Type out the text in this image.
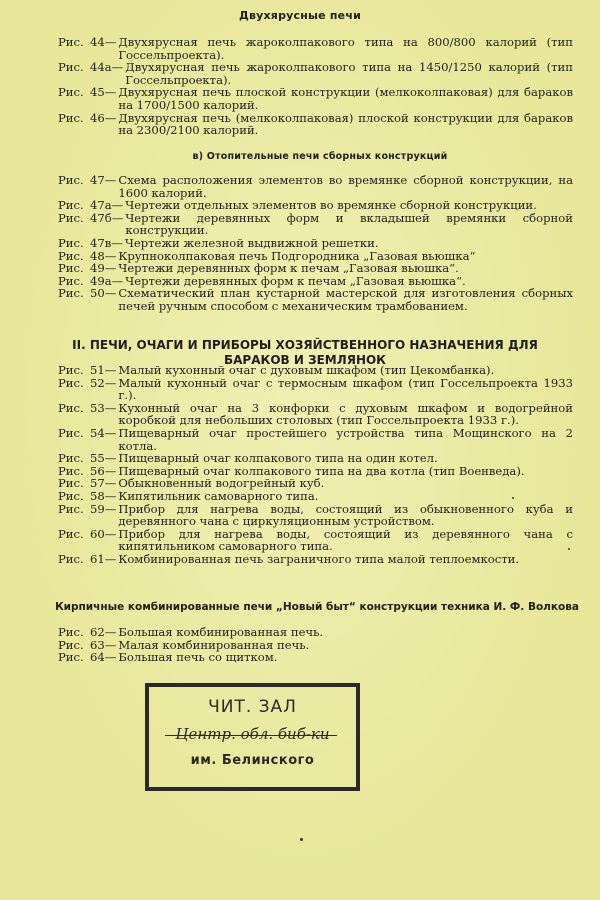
Двухярусные печи
Рис. 44— Двухярусная печь жароколпакового типа на 800/800 калорий (тип Госсельпроекта).
Рис. 44а— Двухярусная печь жароколпакового типа на 1450/1250 калорий (тип Госсельпроекта).
Рис. 45— Двухярусная печь плоской конструкции (мелкоколпаковая) для бараков на 1700/1500 калорий.
Рис. 46— Двухярусная печь (мелкоколпаковая) плоской конструкции для бараков на 2300/2100 калорий.
в) Отопительные печи сборных конструкций
Рис. 47— Схема расположения элементов во времянке сборной конструкции, на 1600 калорий.
Рис. 47а— Чертежи отдельных элементов во времянке сборной конструкции.
Рис. 47б— Чертежи деревянных форм и вкладышей времянки сборной конструкции.
Рис. 47в— Чертежи железной выдвижной решетки.
Рис. 48— Крупноколпаковая печь Подгородника „Газовая вьюшка“
Рис. 49— Чертежи деревянных форм к печам „Газовая вьюшка“.
Рис. 49а— Чертежи деревянных форм к печам „Газовая вьюшка“.
Рис. 50— Схематический план кустарной мастерской для изготовления сборных печей ручным способом с механическим трамбованием.
II. ПЕЧИ, ОЧАГИ И ПРИБОРЫ ХОЗЯЙСТВЕННОГО НАЗНАЧЕНИЯ ДЛЯ БАРАКОВ И ЗЕМЛЯНОК
Рис. 51— Малый кухонный очаг с духовым шкафом (тип Цекомбанка).
Рис. 52— Малый кухонный очаг с термосным шкафом (тип Госсельпроекта 1933 г.).
Рис. 53— Кухонный очаг на 3 конфорки с духовым шкафом и водогрейной коробкой для небольших столовых (тип Госсельпроекта 1933 г.).
Рис. 54— Пищеварный очаг простейшего устройства типа Мощинского на 2 котла.
Рис. 55— Пищеварный очаг колпакового типа на один котел.
Рис. 56— Пищеварный очаг колпакового типа на два котла (тип Военведа).
Рис. 57— Обыкновенный водогрейный куб.
Рис. 58— Кипятильник самоварного типа.
Рис. 59— Прибор для нагрева воды, состоящий из обыкновенного куба и деревянного чана с циркуляционным устройством.
Рис. 60— Прибор для нагрева воды, состоящий из деревянного чана с кипятильником самоварного типа.
Рис. 61— Комбинированная печь заграничного типа малой теплоемкости.
Кирпичные комбинированные печи „Новый быт“ конструкции техника И. Ф. Волкова
Рис. 62— Большая комбинированная печь.
Рис. 63— Малая комбинированная печь.
Рис. 64— Большая печь со щитком.
ЧИТ. ЗАЛ
Центр. обл. биб-ки
им. Белинского
